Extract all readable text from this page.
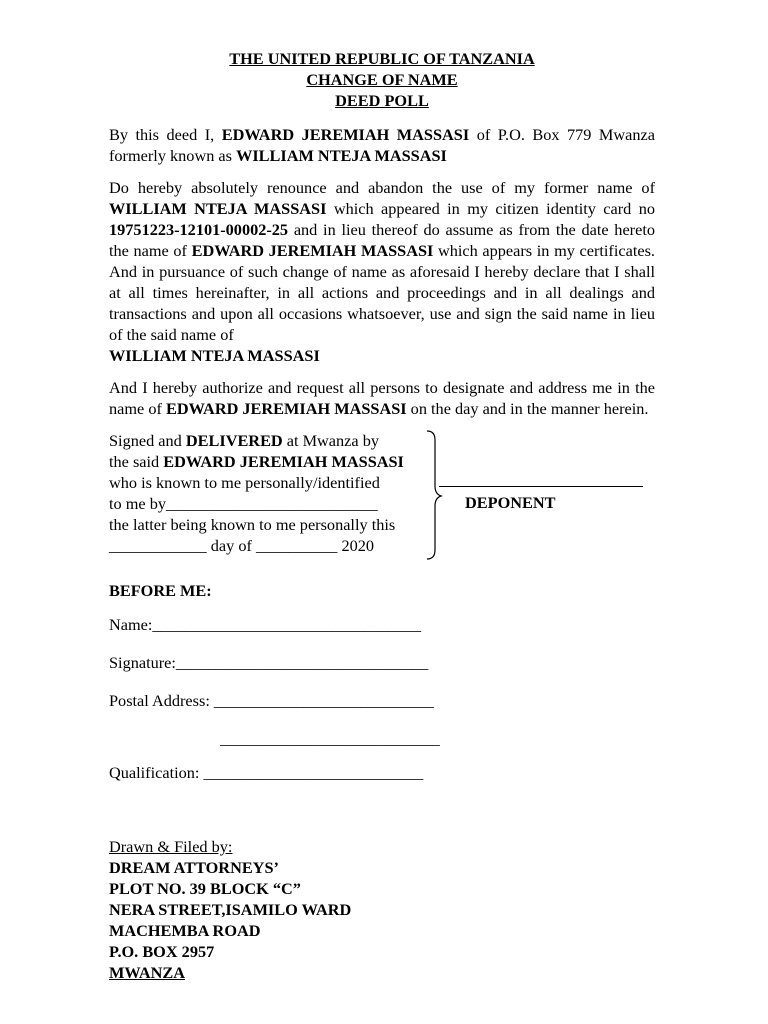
THE UNITED REPUBLIC OF TANZANIA
CHANGE OF NAME
DEED POLL

By this deed I, EDWARD JEREMIAH MASSASI of P.O. Box 779 Mwanza formerly known as WILLIAM NTEJA MASSASI

Do hereby absolutely renounce and abandon the use of my former name of WILLIAM NTEJA MASSASI which appeared in my citizen identity card no 19751223-12101-00002-25 and in lieu thereof do assume as from the date hereto the name of EDWARD JEREMIAH MASSASI which appears in my certificates. And in pursuance of such change of name as aforesaid I hereby declare that I shall at all times hereinafter, in all actions and proceedings and in all dealings and transactions and upon all occasions whatsoever, use and sign the said name in lieu of the said name of
WILLIAM NTEJA MASSASI

And I hereby authorize and request all persons to designate and address me in the name of EDWARD JEREMIAH MASSASI on the day and in the manner herein.

Signed and DELIVERED at Mwanza by
the said EDWARD JEREMIAH MASSASI
who is known to me personally/identified
to me by__________________________
the latter being known to me personally this
____________ day of __________ 2020
DEPONENT
BEFORE ME:
Name:_________________________________
Signature:_______________________________
Postal Address: ___________________________
___________________________
Qualification: ___________________________
Drawn & Filed by:
DREAM ATTORNEYS’
PLOT NO. 39 BLOCK “C”
NERA STREET,ISAMILO WARD
MACHEMBA ROAD
P.O. BOX 2957
MWANZA
